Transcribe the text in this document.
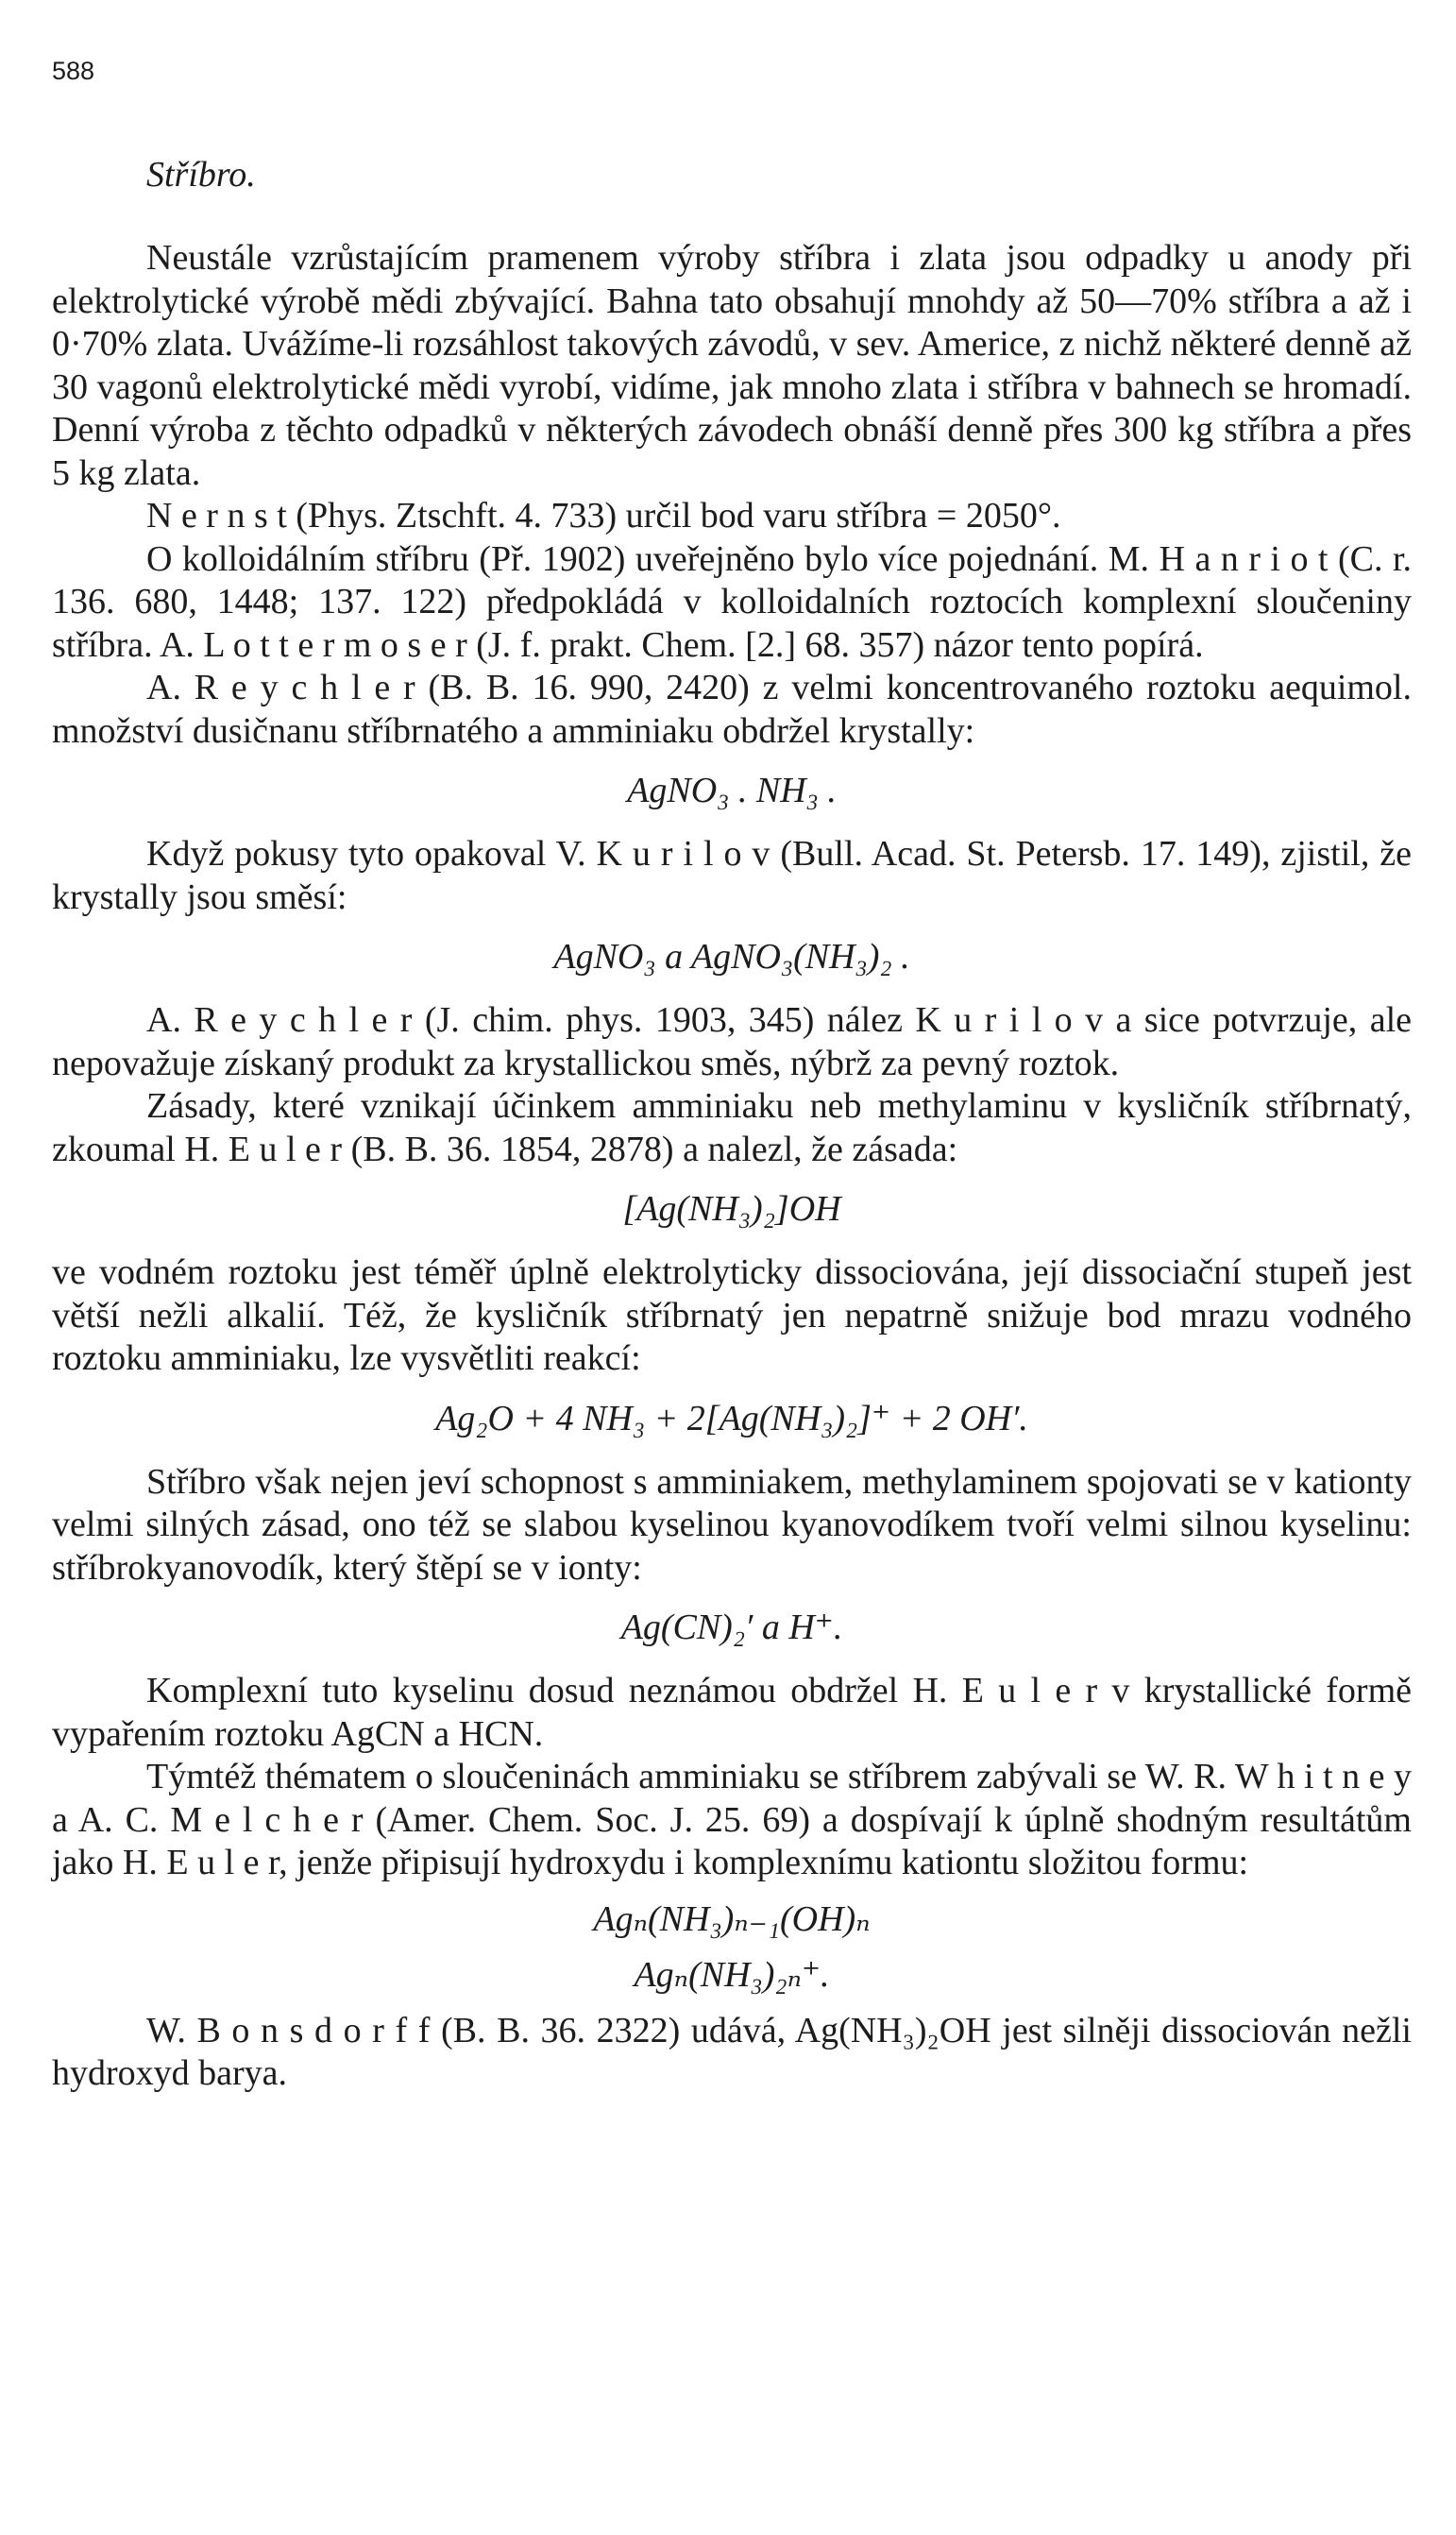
588
Stříbro.

Neustále vzrůstajícím pramenem výroby stříbra i zlata jsou odpadky u anody při elektrolytické výrobě mědi zbývající. Bahna tato obsahují mnohdy až 50—70% stříbra a až i 0·70% zlata. Uvážíme-li rozsáhlost takových závodů, v sev. Americe, z nichž některé denně až 30 vagonů elektrolytické mědi vyrobí, vidíme, jak mnoho zlata i stříbra v bahnech se hromadí. Denní výroba z těchto odpadků v některých závodech obnáší denně přes 300 kg stříbra a přes 5 kg zlata.

N e r n s t (Phys. Ztschft. 4. 733) určil bod varu stříbra = 2050°.

O kolloidálním stříbru (Př. 1902) uveřejněno bylo více pojednání. M. H a n r i o t (C. r. 136. 680, 1448; 137. 122) předpokládá v kolloidalních roztocích komplexní sloučeniny stříbra. A. L o t t e r m o s e r (J. f. prakt. Chem. [2.] 68. 357) názor tento popírá.

A. R e y c h l e r (B. B. 16. 990, 2420) z velmi koncentrovaného roztoku aequimol. množství dusičnanu stříbrnatého a amminiaku obdržel krystally:

AgNO₃ . NH₃ .

Když pokusy tyto opakoval V. K u r i l o v (Bull. Acad. St. Petersb. 17. 149), zjistil, že krystally jsou směsí:

AgNO₃ a AgNO₃(NH₃)₂ .

A. R e y c h l e r (J. chim. phys. 1903, 345) nález K u r i l o v a sice potvrzuje, ale nepovažuje získaný produkt za krystallickou směs, nýbrž za pevný roztok.

Zásady, které vznikají účinkem amminiaku neb methylaminu v kysličník stříbrnatý, zkoumal H. E u l e r (B. B. 36. 1854, 2878) a nalezl, že zásada:

[Ag(NH₃)₂]OH

ve vodném roztoku jest téměř úplně elektrolyticky dissociována, její dissociační stupeň jest větší nežli alkalií. Též, že kysličník stříbrnatý jen nepatrně snižuje bod mrazu vodného roztoku amminiaku, lze vysvětliti reakcí:

Ag₂O + 4 NH₃ + 2[Ag(NH₃)₂]⁺ + 2 OH′.

Stříbro však nejen jeví schopnost s amminiakem, methylaminem spojovati se v kationty velmi silných zásad, ono též se slabou kyselinou kyanovodíkem tvoří velmi silnou kyselinu: stříbrokyanovodík, který štěpí se v ionty:

Ag(CN)₂′ a H⁺.

Komplexní tuto kyselinu dosud neznámou obdržel H. E u l e r v krystallické formě vypařením roztoku AgCN a HCN.

Týmtéž thématem o sloučeninách amminiaku se stříbrem zabývali se W. R. W h i t n e y a A. C. M e l c h e r (Amer. Chem. Soc. J. 25. 69) a dospívají k úplně shodným resultátům jako H. E u l e r, jenže připisují hydroxydu i komplexnímu kationtu složitou formu:

Agₙ(NH₃)ₙ₋₁(OH)ₙ
Agₙ(NH₃)₂ₙ⁺.

W. B o n s d o r f f (B. B. 36. 2322) udává, Ag(NH₃)₂OH jest silněji dissociován nežli hydroxyd barya.
